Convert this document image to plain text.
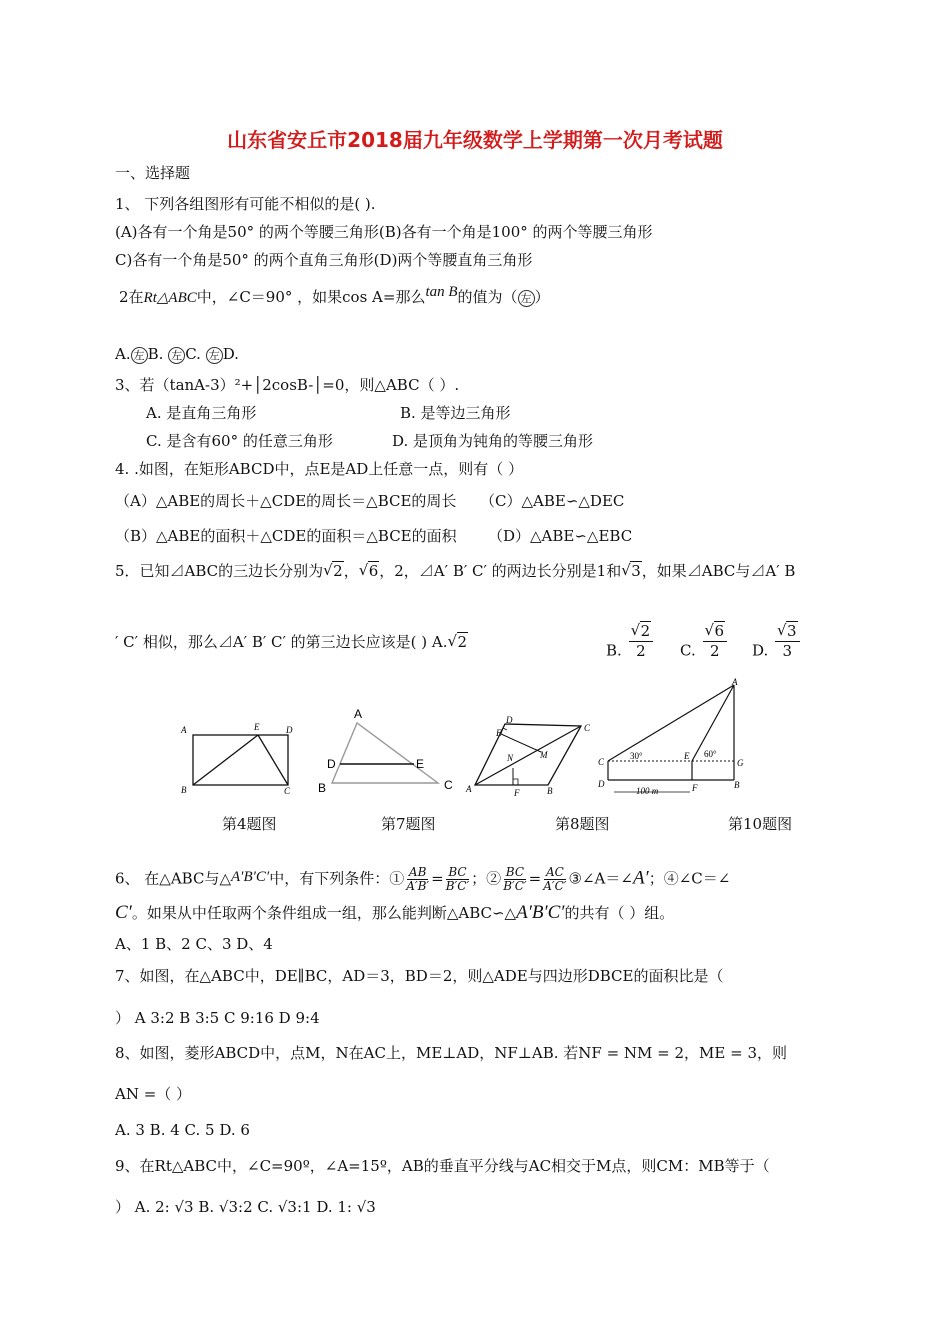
山东省安丘市2018届九年级数学上学期第一次月考试题
一、选择题
1、 下列各组图形有可能不相似的是( ).
(A)各有一个角是50° 的两个等腰三角形(B)各有一个角是100° 的两个等腰三角形
C)各有一个角是50° 的两个直角三角形(D)两个等腰直角三角形
2在Rt△ABC中，∠C＝90° ，如果cos A=那么tan B的值为（ 左 ）
A. 左 B. 左 C. 左 D.
3、若（tanA-3）²+│2cosB-│=0，则△ABC（ ）.
A. 是直角三角形	B. 是等边三角形
C. 是含有60° 的任意三角形	D. 是顶角为钝角的等腰三角形
4. .如图，在矩形ABCD中，点E是AD上任意一点，则有（ ）
（A）△ABE的周长＋△CDE的周长＝△BCE的周长 （C）△ABE∽△DEC
（B）△ABE的面积＋△CDE的面积＝△BCE的面积 （D）△ABE∽△EBC
5．已知⊿ABC的三边长分别为 √ 2， √ 6，2，⊿A′ B′ C′ 的两边长分别是1和 √ 3，如果⊿ABC与⊿A′ B
′ C′ 相似，那么⊿A′ B′ C′ 的第三边长应该是( ) A. √ 2	B. √ $\frac{2}{2} C$. √ $\frac{6}{2} D$. √ $\frac{3}{3}$
A	E	D
B	C
A
D	E
B	C
D
C
E
N	M
A	F	B
A
C	G
D	F	B
E
30°	60°
100 m
第4题图	第7题图	第8题图	第10题图
6、 在△ABC与△A′B′C′中，有下列条件：① $\frac{AB}{A'B'} = \frac{BC}{B'C'}$ ；② $\frac{BC}{B'C'} = \frac{AC}{A'C'}$ ③∠A＝∠A′；④∠C＝∠
C′。如果从中任取两个条件组成一组，那么能判断△ABC∽△A′B′C′的共有（ ）组。
A、1 B、2 C、3 D、4
7、如图，在△ABC中，DE∥BC，AD＝3，BD＝2，则△ADE与四边形DBCE的面积比是（
） A 3:2 B 3:5 C 9:16 D 9:4
8、如图，菱形ABCD中，点M，N在AC上，ME⊥AD，NF⊥AB. 若NF = NM = 2，ME = 3，则
AN =（ ）
A. 3 B. 4 C. 5 D. 6
9、在Rt△ABC中，∠C=90º，∠A=15º，AB的垂直平分线与AC相交于M点，则CM：MB等于（
） A. 2: √3 B. √3:2 C. √3:1 D. 1: √3
